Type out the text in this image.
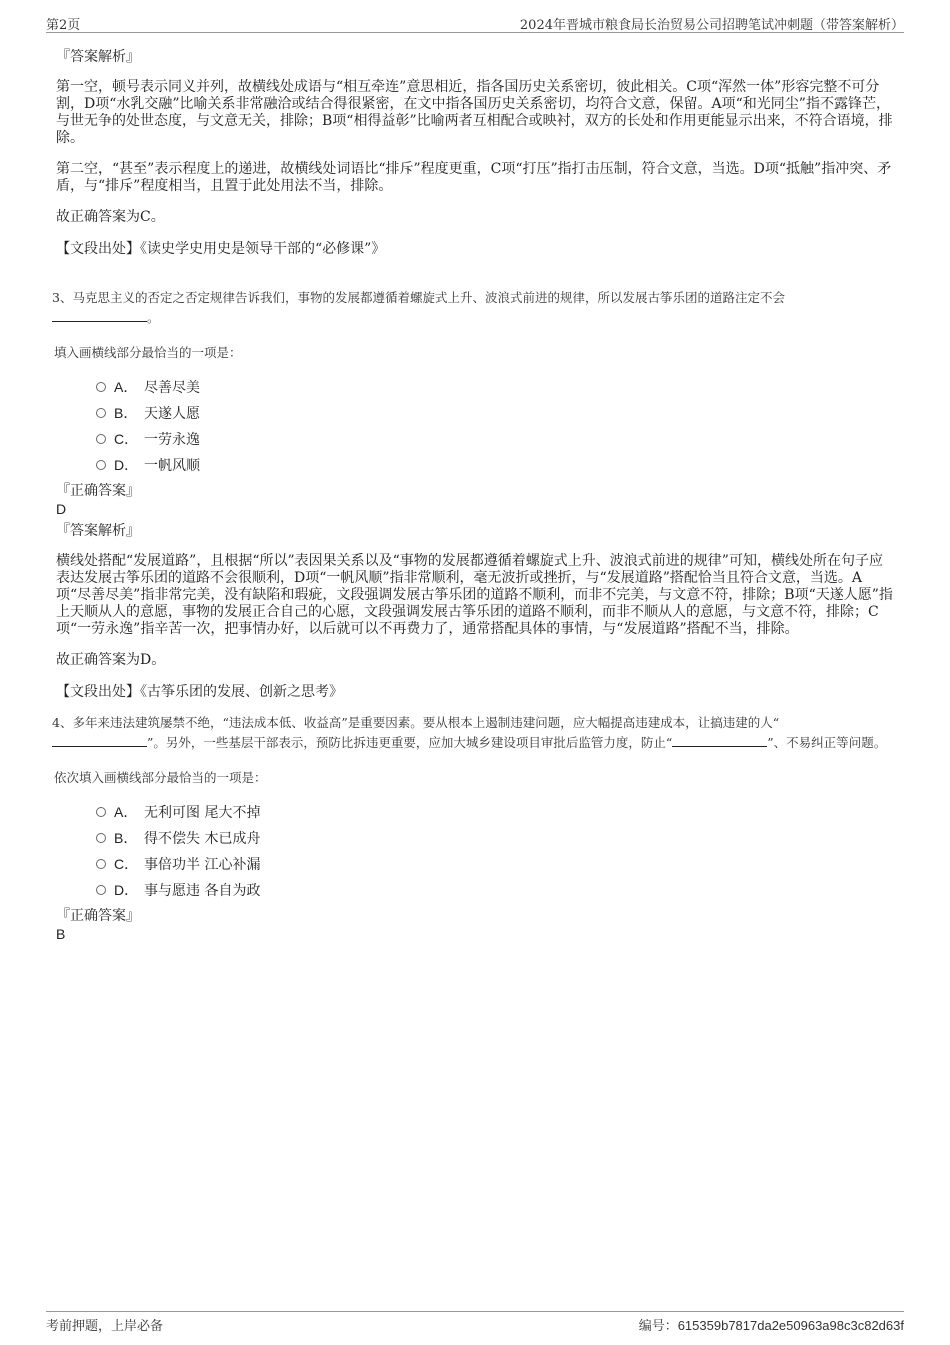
第2页	2024年晋城市粮食局长治贸易公司招聘笔试冲刺题（带答案解析）

『答案解析』

第一空，顿号表示同义并列，故横线处成语与“相互牵连”意思相近，指各国历史关系密切，彼此相关。C项“浑然一体”形容完整不可分割，D项“水乳交融”比喻关系非常融洽或结合得很紧密，在文中指各国历史关系密切，均符合文意，保留。A项“和光同尘”指不露锋芒，与世无争的处世态度，与文意无关，排除；B项“相得益彰”比喻两者互相配合或映衬，双方的长处和作用更能显示出来，不符合语境，排除。

第二空，“甚至”表示程度上的递进，故横线处词语比“排斥”程度更重，C项“打压”指打击压制，符合文意，当选。D项“抵触”指冲突、矛盾，与“排斥”程度相当，且置于此处用法不当，排除。

故正确答案为C。

【文段出处】《读史学史用史是领导干部的“必修课”》

3、马克思主义的否定之否定规律告诉我们，事物的发展都遵循着螺旋式上升、波浪式前进的规律，所以发展古筝乐团的道路注定不会
。

填入画横线部分最恰当的一项是：

A． 尽善尽美
B． 天遂人愿
C． 一劳永逸
D． 一帆风顺

『正确答案』

D

『答案解析』

横线处搭配“发展道路”，且根据“所以”表因果关系以及“事物的发展都遵循着螺旋式上升、波浪式前进的规律”可知，横线处所在句子应表达发展古筝乐团的道路不会很顺利，D项“一帆风顺”指非常顺利，毫无波折或挫折，与“发展道路”搭配恰当且符合文意，当选。A项“尽善尽美”指非常完美，没有缺陷和瑕疵，文段强调发展古筝乐团的道路不顺利，而非不完美，与文意不符，排除；B项“天遂人愿”指上天顺从人的意愿，事物的发展正合自己的心愿，文段强调发展古筝乐团的道路不顺利，而非不顺从人的意愿，与文意不符，排除；C项“一劳永逸”指辛苦一次，把事情办好，以后就可以不再费力了，通常搭配具体的事情，与“发展道路”搭配不当，排除。

故正确答案为D。

【文段出处】《古筝乐团的发展、创新之思考》

4、多年来违法建筑屡禁不绝，“违法成本低、收益高”是重要因素。要从根本上遏制违建问题，应大幅提高违建成本，让搞违建的人“
”。另外，一些基层干部表示，预防比拆违更重要，应加大城乡建设项目审批后监管力度，防止“	”、不易纠正等问题。

依次填入画横线部分最恰当的一项是：

A． 无利可图 尾大不掉
B． 得不偿失 木已成舟
C． 事倍功半 江心补漏
D． 事与愿违 各自为政

『正确答案』

B

考前押题，上岸必备	编号：615359b7817da2e50963a98c3c82d63f
